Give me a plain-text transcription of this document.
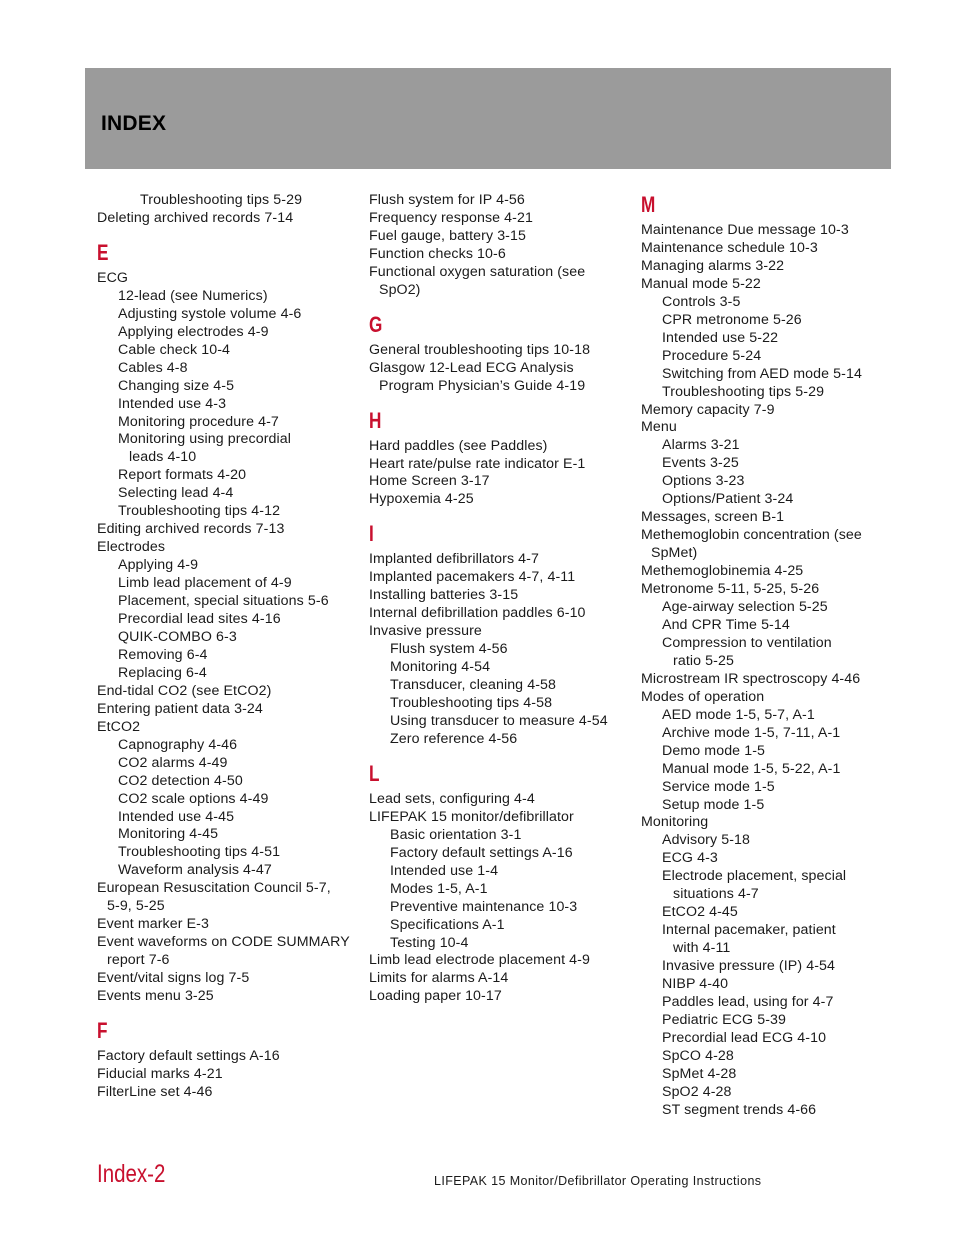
INDEX
Troubleshooting tips 5-29
Deleting archived records 7-14
E
ECG
12-lead (see Numerics)
Adjusting systole volume 4-6
Applying electrodes 4-9
Cable check 10-4
Cables 4-8
Changing size 4-5
Intended use 4-3
Monitoring procedure 4-7
Monitoring using precordial
leads 4-10
Report formats 4-20
Selecting lead 4-4
Troubleshooting tips 4-12
Editing archived records 7-13
Electrodes
Applying 4-9
Limb lead placement of 4-9
Placement, special situations 5-6
Precordial lead sites 4-16
QUIK-COMBO 6-3
Removing 6-4
Replacing 6-4
End-tidal CO2 (see EtCO2)
Entering patient data 3-24
EtCO2
Capnography 4-46
CO2 alarms 4-49
CO2 detection 4-50
CO2 scale options 4-49
Intended use 4-45
Monitoring 4-45
Troubleshooting tips 4-51
Waveform analysis 4-47
European Resuscitation Council 5-7,
5-9, 5-25
Event marker E-3
Event waveforms on CODE SUMMARY
report 7-6
Event/vital signs log 7-5
Events menu 3-25
F
Factory default settings A-16
Fiducial marks 4-21
FilterLine set 4-46
Flush system for IP 4-56
Frequency response 4-21
Fuel gauge, battery 3-15
Function checks 10-6
Functional oxygen saturation (see
SpO2)
G
General troubleshooting tips 10-18
Glasgow 12-Lead ECG Analysis
Program Physician’s Guide 4-19
H
Hard paddles (see Paddles)
Heart rate/pulse rate indicator E-1
Home Screen 3-17
Hypoxemia 4-25
I
Implanted defibrillators 4-7
Implanted pacemakers 4-7, 4-11
Installing batteries 3-15
Internal defibrillation paddles 6-10
Invasive pressure
Flush system 4-56
Monitoring 4-54
Transducer, cleaning 4-58
Troubleshooting tips 4-58
Using transducer to measure 4-54
Zero reference 4-56
L
Lead sets, configuring 4-4
LIFEPAK 15 monitor/defibrillator
Basic orientation 3-1
Factory default settings A-16
Intended use 1-4
Modes 1-5, A-1
Preventive maintenance 10-3
Specifications A-1
Testing 10-4
Limb lead electrode placement 4-9
Limits for alarms A-14
Loading paper 10-17
M
Maintenance Due message 10-3
Maintenance schedule 10-3
Managing alarms 3-22
Manual mode 5-22
Controls 3-5
CPR metronome 5-26
Intended use 5-22
Procedure 5-24
Switching from AED mode 5-14
Troubleshooting tips 5-29
Memory capacity 7-9
Menu
Alarms 3-21
Events 3-25
Options 3-23
Options/Patient 3-24
Messages, screen B-1
Methemoglobin concentration (see
SpMet)
Methemoglobinemia 4-25
Metronome 5-11, 5-25, 5-26
Age-airway selection 5-25
And CPR Time 5-14
Compression to ventilation
ratio 5-25
Microstream IR spectroscopy 4-46
Modes of operation
AED mode 1-5, 5-7, A-1
Archive mode 1-5, 7-11, A-1
Demo mode 1-5
Manual mode 1-5, 5-22, A-1
Service mode 1-5
Setup mode 1-5
Monitoring
Advisory 5-18
ECG 4-3
Electrode placement, special
situations 4-7
EtCO2 4-45
Internal pacemaker, patient
with 4-11
Invasive pressure (IP) 4-54
NIBP 4-40
Paddles lead, using for 4-7
Pediatric ECG 5-39
Precordial lead ECG 4-10
SpCO 4-28
SpMet 4-28
SpO2 4-28
ST segment trends 4-66
Index-2	LIFEPAK 15 Monitor/Defibrillator Operating Instructions
